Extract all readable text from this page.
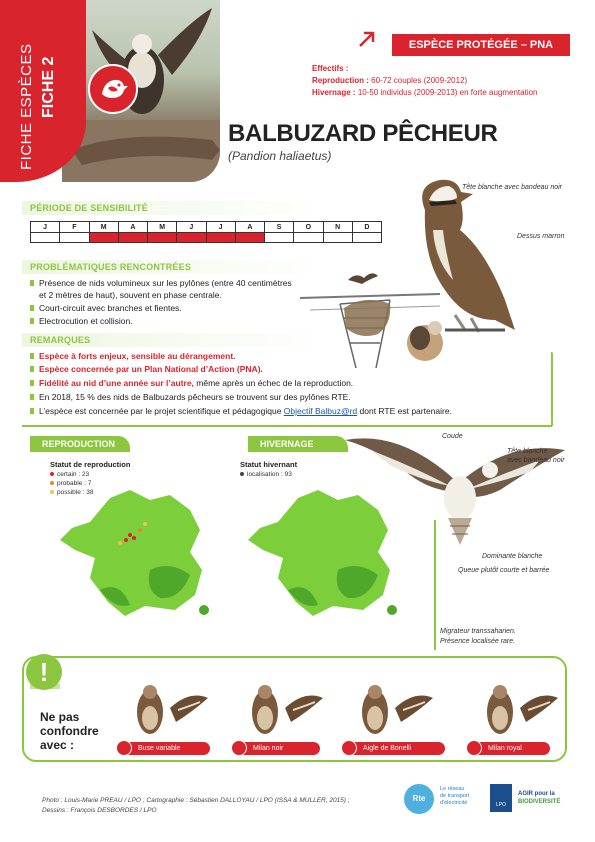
FICHE ESPÈCES FICHE 2
ESPÈCE PROTÉGÉE – PNA
Effectifs :
Reproduction : 60-72 couples (2009-2012)
Hivernage : 10-50 individus (2009-2013) en forte augmentation
BALBUZARD PÊCHEUR
(Pandion haliaetus)
Tête blanche avec bandeau noir
Dessus marron
PÉRIODE DE SENSIBILITÉ
J	F	M	A	M	J	J	A	S	O	N	D
PROBLÉMATIQUES RENCONTRÉES
Présence de nids volumineux sur les pylônes (entre 40 centimètres
et 2 mètres de haut), souvent en phase centrale.
Court-circuit avec branches et fientes.
Electrocution et collision.
REMARQUES
Espèce à forts enjeux, sensible au dérangement.
Espèce concernée par un Plan National d’Action (PNA).
Fidélité au nid d’une année sur l’autre, même après un échec de la reproduction.
En 2018, 15 % des nids de Balbuzards pêcheurs se trouvent sur des pylônes RTE.
L’espèce est concernée par le projet scientifique et pédagogique Objectif Balbuz@rd dont RTE est partenaire.
Coude
Tête blanche
avec bandeau noir
Dominante blanche
Queue plutôt courte et barrée
Migrateur transsaharien.
Présence localisée rare.
REPRODUCTION
Statut de reproduction
certain : 23
probable : 7
possible : 38
HIVERNAGE
Statut hivernant
localisation : 93
!
Ne pas
confondre
avec :	Buse variable	Milan noir	Aigle de Bonelli	Milan royal
Photo : Louis-Marie PREAU / LPO ; Cartographie : Sébastien DALLOYAU / LPO (ISSA & MULLER, 2015) ;
Dessins : François DESBORDES / LPO
Rte
Le réseau
de transport
d'électricité	LPO
AGIR pour la
BIODIVERSITÉ
